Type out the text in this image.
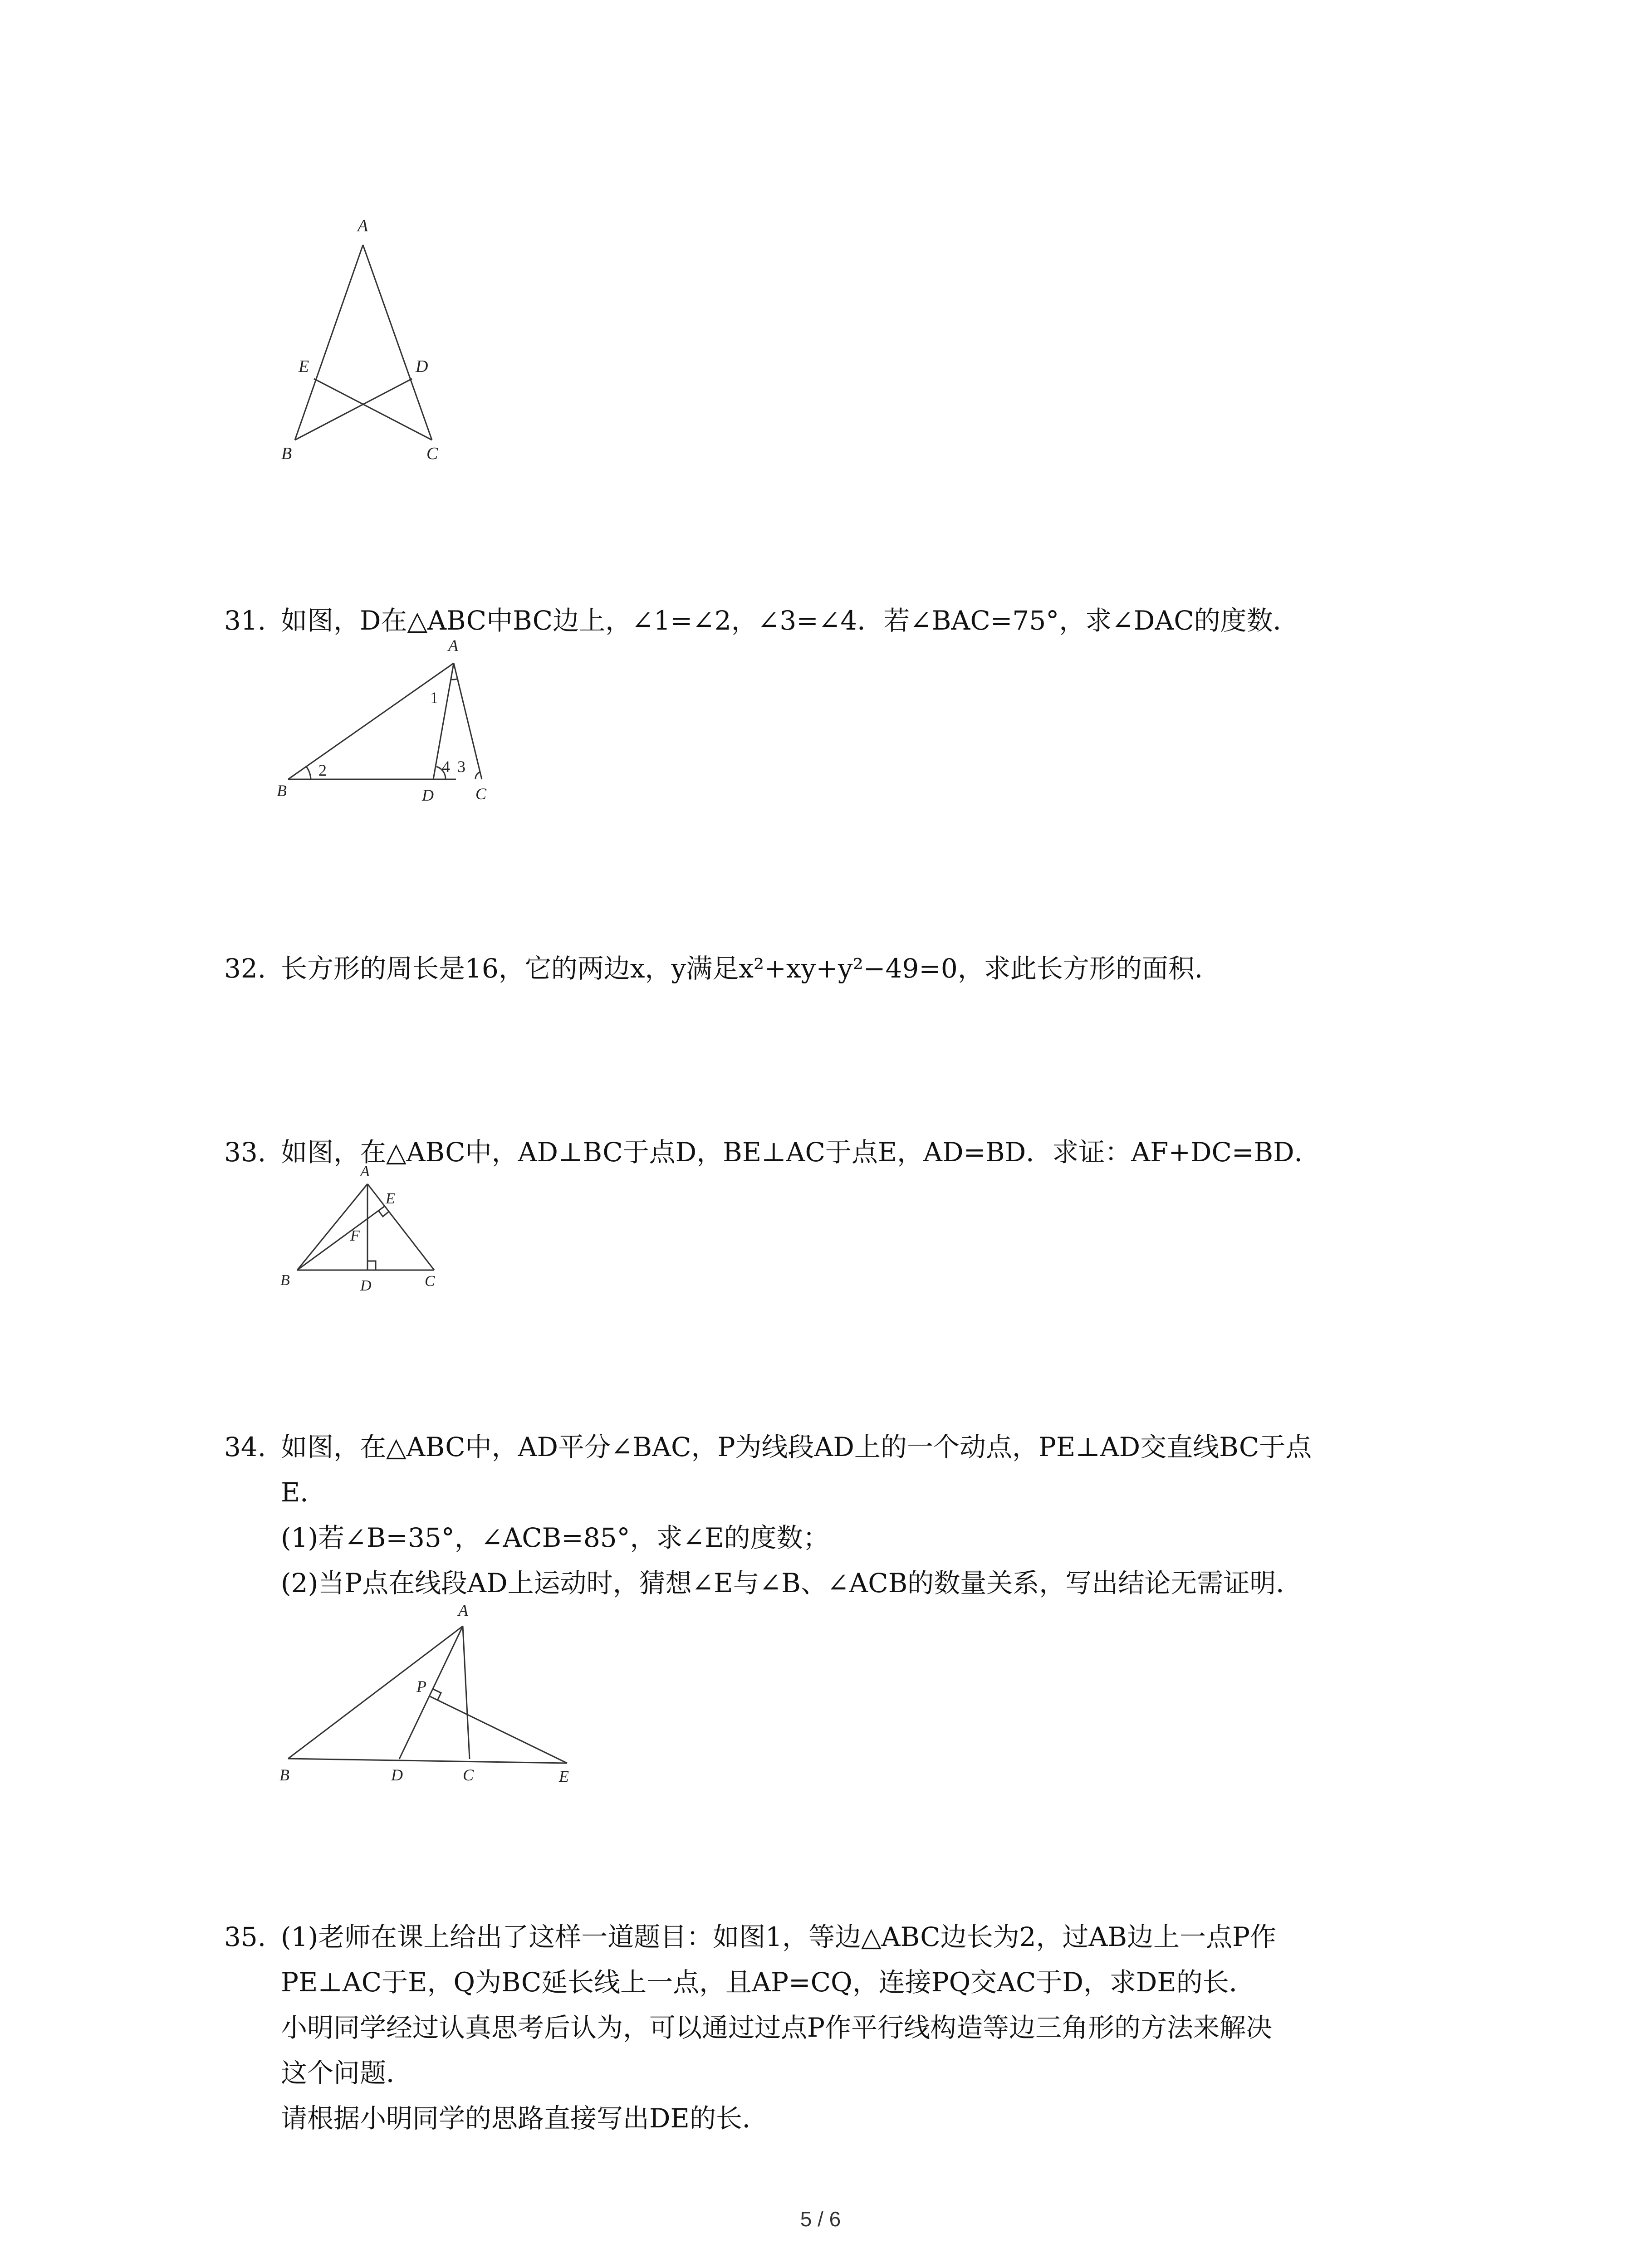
A
E	D
B	C
31. 如图，D在△ABC中BC边上，∠1=∠2，∠3=∠4．若∠BAC=75°，求∠DAC的度数．
A
1
2	3
4
B	D	C
32. 长方形的周长是16，它的两边x，y满足x²+xy+y²−49=0，求此长方形的面积．
33. 如图，在△ABC中，AD⊥BC于点D，BE⊥AC于点E，AD=BD．求证：AF+DC=BD．
A
E
F
B	D	C
34. 如图，在△ABC中，AD平分∠BAC，P为线段AD上的一个动点，PE⊥AD交直线BC于点
E．
(1)若∠B=35°，∠ACB=85°，求∠E的度数；
(2)当P点在线段AD上运动时，猜想∠E与∠B、∠ACB的数量关系，写出结论无需证明．
A
P
B	D	C	E
35. (1)老师在课上给出了这样一道题目：如图1，等边△ABC边长为2，过AB边上一点P作
PE⊥AC于E，Q为BC延长线上一点，且AP=CQ，连接PQ交AC于D，求DE的长．
小明同学经过认真思考后认为，可以通过过点P作平行线构造等边三角形的方法来解决
这个问题．
请根据小明同学的思路直接写出DE的长．
5 / 6
